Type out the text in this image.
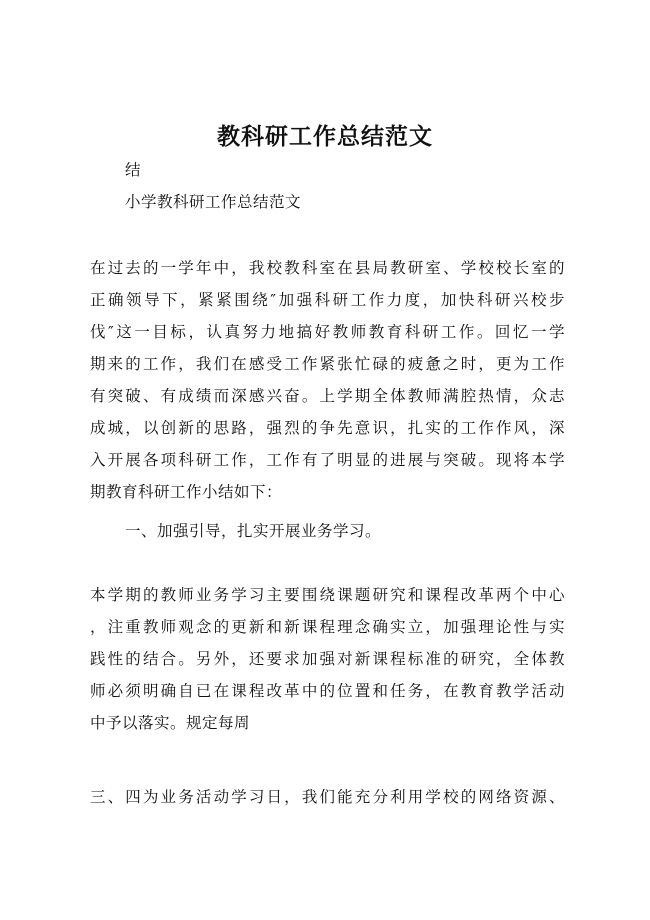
教科研工作总结范文
结
小学教科研工作总结范文
在过去的一学年中，我校教科室在县局教研室、学校校长室的
正确领导下，紧紧围绕″加强科研工作力度，加快科研兴校步
伐″这一目标，认真努力地搞好教师教育科研工作。回忆一学
期来的工作，我们在感受工作紧张忙碌的疲惫之时，更为工作
有突破、有成绩而深感兴奋。上学期全体教师满腔热情，众志
成城，以创新的思路，强烈的争先意识，扎实的工作作风，深
入开展各项科研工作，工作有了明显的进展与突破。现将本学
期教育科研工作小结如下：
一、加强引导，扎实开展业务学习。
本学期的教师业务学习主要围绕课题研究和课程改革两个中心
，注重教师观念的更新和新课程理念确实立，加强理论性与实
践性的结合。另外，还要求加强对新课程标准的研究，全体教
师必须明确自已在课程改革中的位置和任务，在教育教学活动
中予以落实。规定每周
三、四为业务活动学习日，我们能充分利用学校的网络资源、
